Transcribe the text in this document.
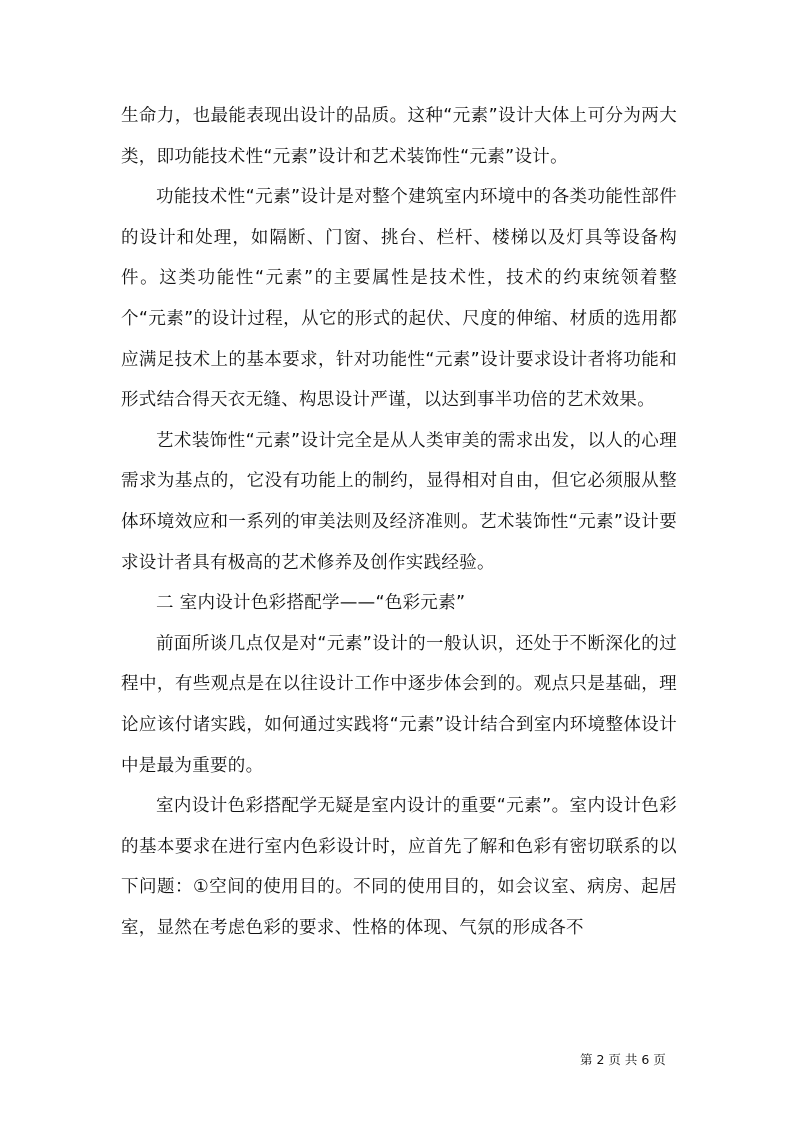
生命力，也最能表现出设计的品质。这种“元素”设计大体上可分为两大类，即功能技术性“元素”设计和艺术装饰性“元素”设计。

功能技术性“元素”设计是对整个建筑室内环境中的各类功能性部件的设计和处理，如隔断、门窗、挑台、栏杆、楼梯以及灯具等设备构件。这类功能性“元素”的主要属性是技术性，技术的约束统领着整个“元素”的设计过程，从它的形式的起伏、尺度的伸缩、材质的选用都应满足技术上的基本要求，针对功能性“元素”设计要求设计者将功能和形式结合得天衣无缝、构思设计严谨，以达到事半功倍的艺术效果。

艺术装饰性“元素”设计完全是从人类审美的需求出发，以人的心理需求为基点的，它没有功能上的制约，显得相对自由，但它必须服从整体环境效应和一系列的审美法则及经济准则。艺术装饰性“元素”设计要求设计者具有极高的艺术修养及创作实践经验。

二 室内设计色彩搭配学——“色彩元素”

前面所谈几点仅是对“元素”设计的一般认识，还处于不断深化的过程中，有些观点是在以往设计工作中逐步体会到的。观点只是基础，理论应该付诸实践，如何通过实践将“元素”设计结合到室内环境整体设计中是最为重要的。

室内设计色彩搭配学无疑是室内设计的重要“元素”。室内设计色彩的基本要求在进行室内色彩设计时，应首先了解和色彩有密切联系的以下问题：①空间的使用目的。不同的使用目的，如会议室、病房、起居室，显然在考虑色彩的要求、性格的体现、气氛的形成各不

第 2 页 共 6 页
